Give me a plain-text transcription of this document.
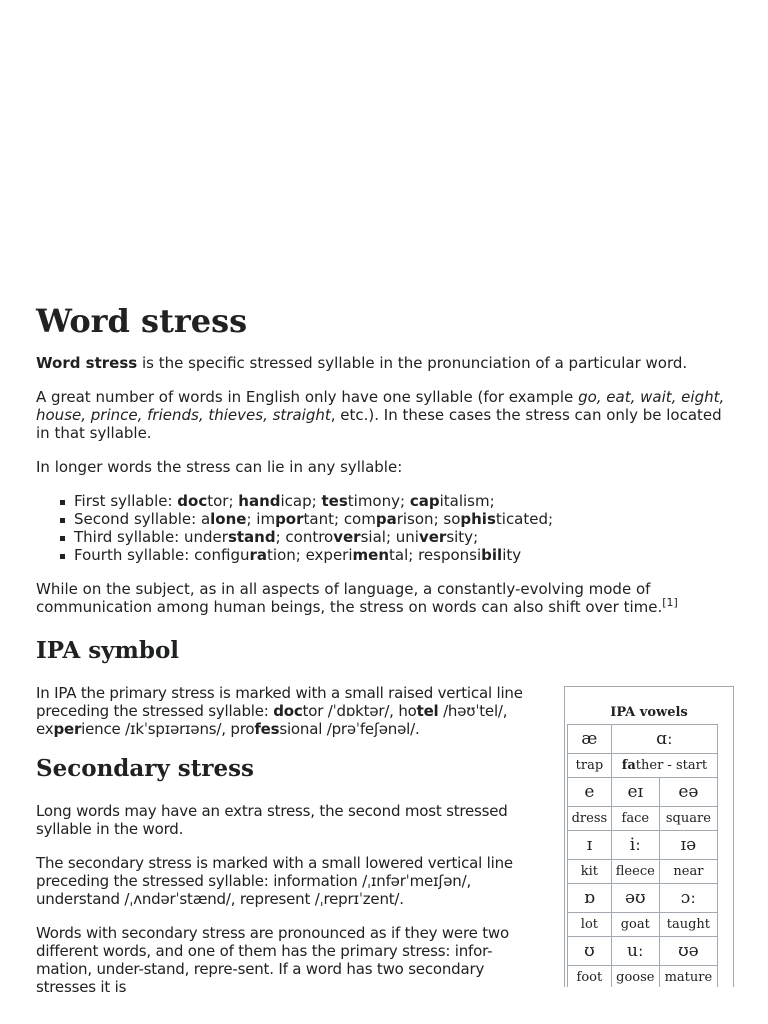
Word stress

Word stress is the specific stressed syllable in the pronunciation of a particular word.

A great number of words in English only have one syllable (for example go, eat, wait, eight, house, prince, friends, thieves, straight, etc.). In these cases the stress can only be located in that syllable.

In longer words the stress can lie in any syllable:

First syllable: doctor; handicap; testimony; capitalism;
Second syllable: alone; important; comparison; sophisticated;
Third syllable: understand; controversial; university;
Fourth syllable: configuration; experimental; responsibility

While on the subject, as in all aspects of language, a constantly-evolving mode of communication among human beings, the stress on words can also shift over time.[1]

IPA symbol

In IPA the primary stress is marked with a small raised vertical line preceding the stressed syllable: doctor /ˈdɒktər/, hotel /həʊˈtel/, experience /ɪkˈspɪərɪəns/, professional /prəˈfeʃənəl/.

Secondary stress

Long words may have an extra stress, the second most stressed syllable in the word.

The secondary stress is marked with a small lowered vertical line preceding the stressed syllable: information /ˌɪnfərˈmeɪʃən/, understand /ˌʌndərˈstænd/, represent /ˌreprɪˈzent/.

Words with secondary stress are pronounced as if they were two different words, and one of them has the primary stress: infor-mation, under-stand, repre-sent. If a word has two secondary stresses it is

IPA vowels
æ	ɑː	
trap	father - start	
e	eɪ	eə
dress	face	square
ɪ	iː	ɪə
kit	fleece	near
ɒ	əʊ	ɔː
lot	goat	taught
ʊ	uː	ʊə
foot	goose	mature
